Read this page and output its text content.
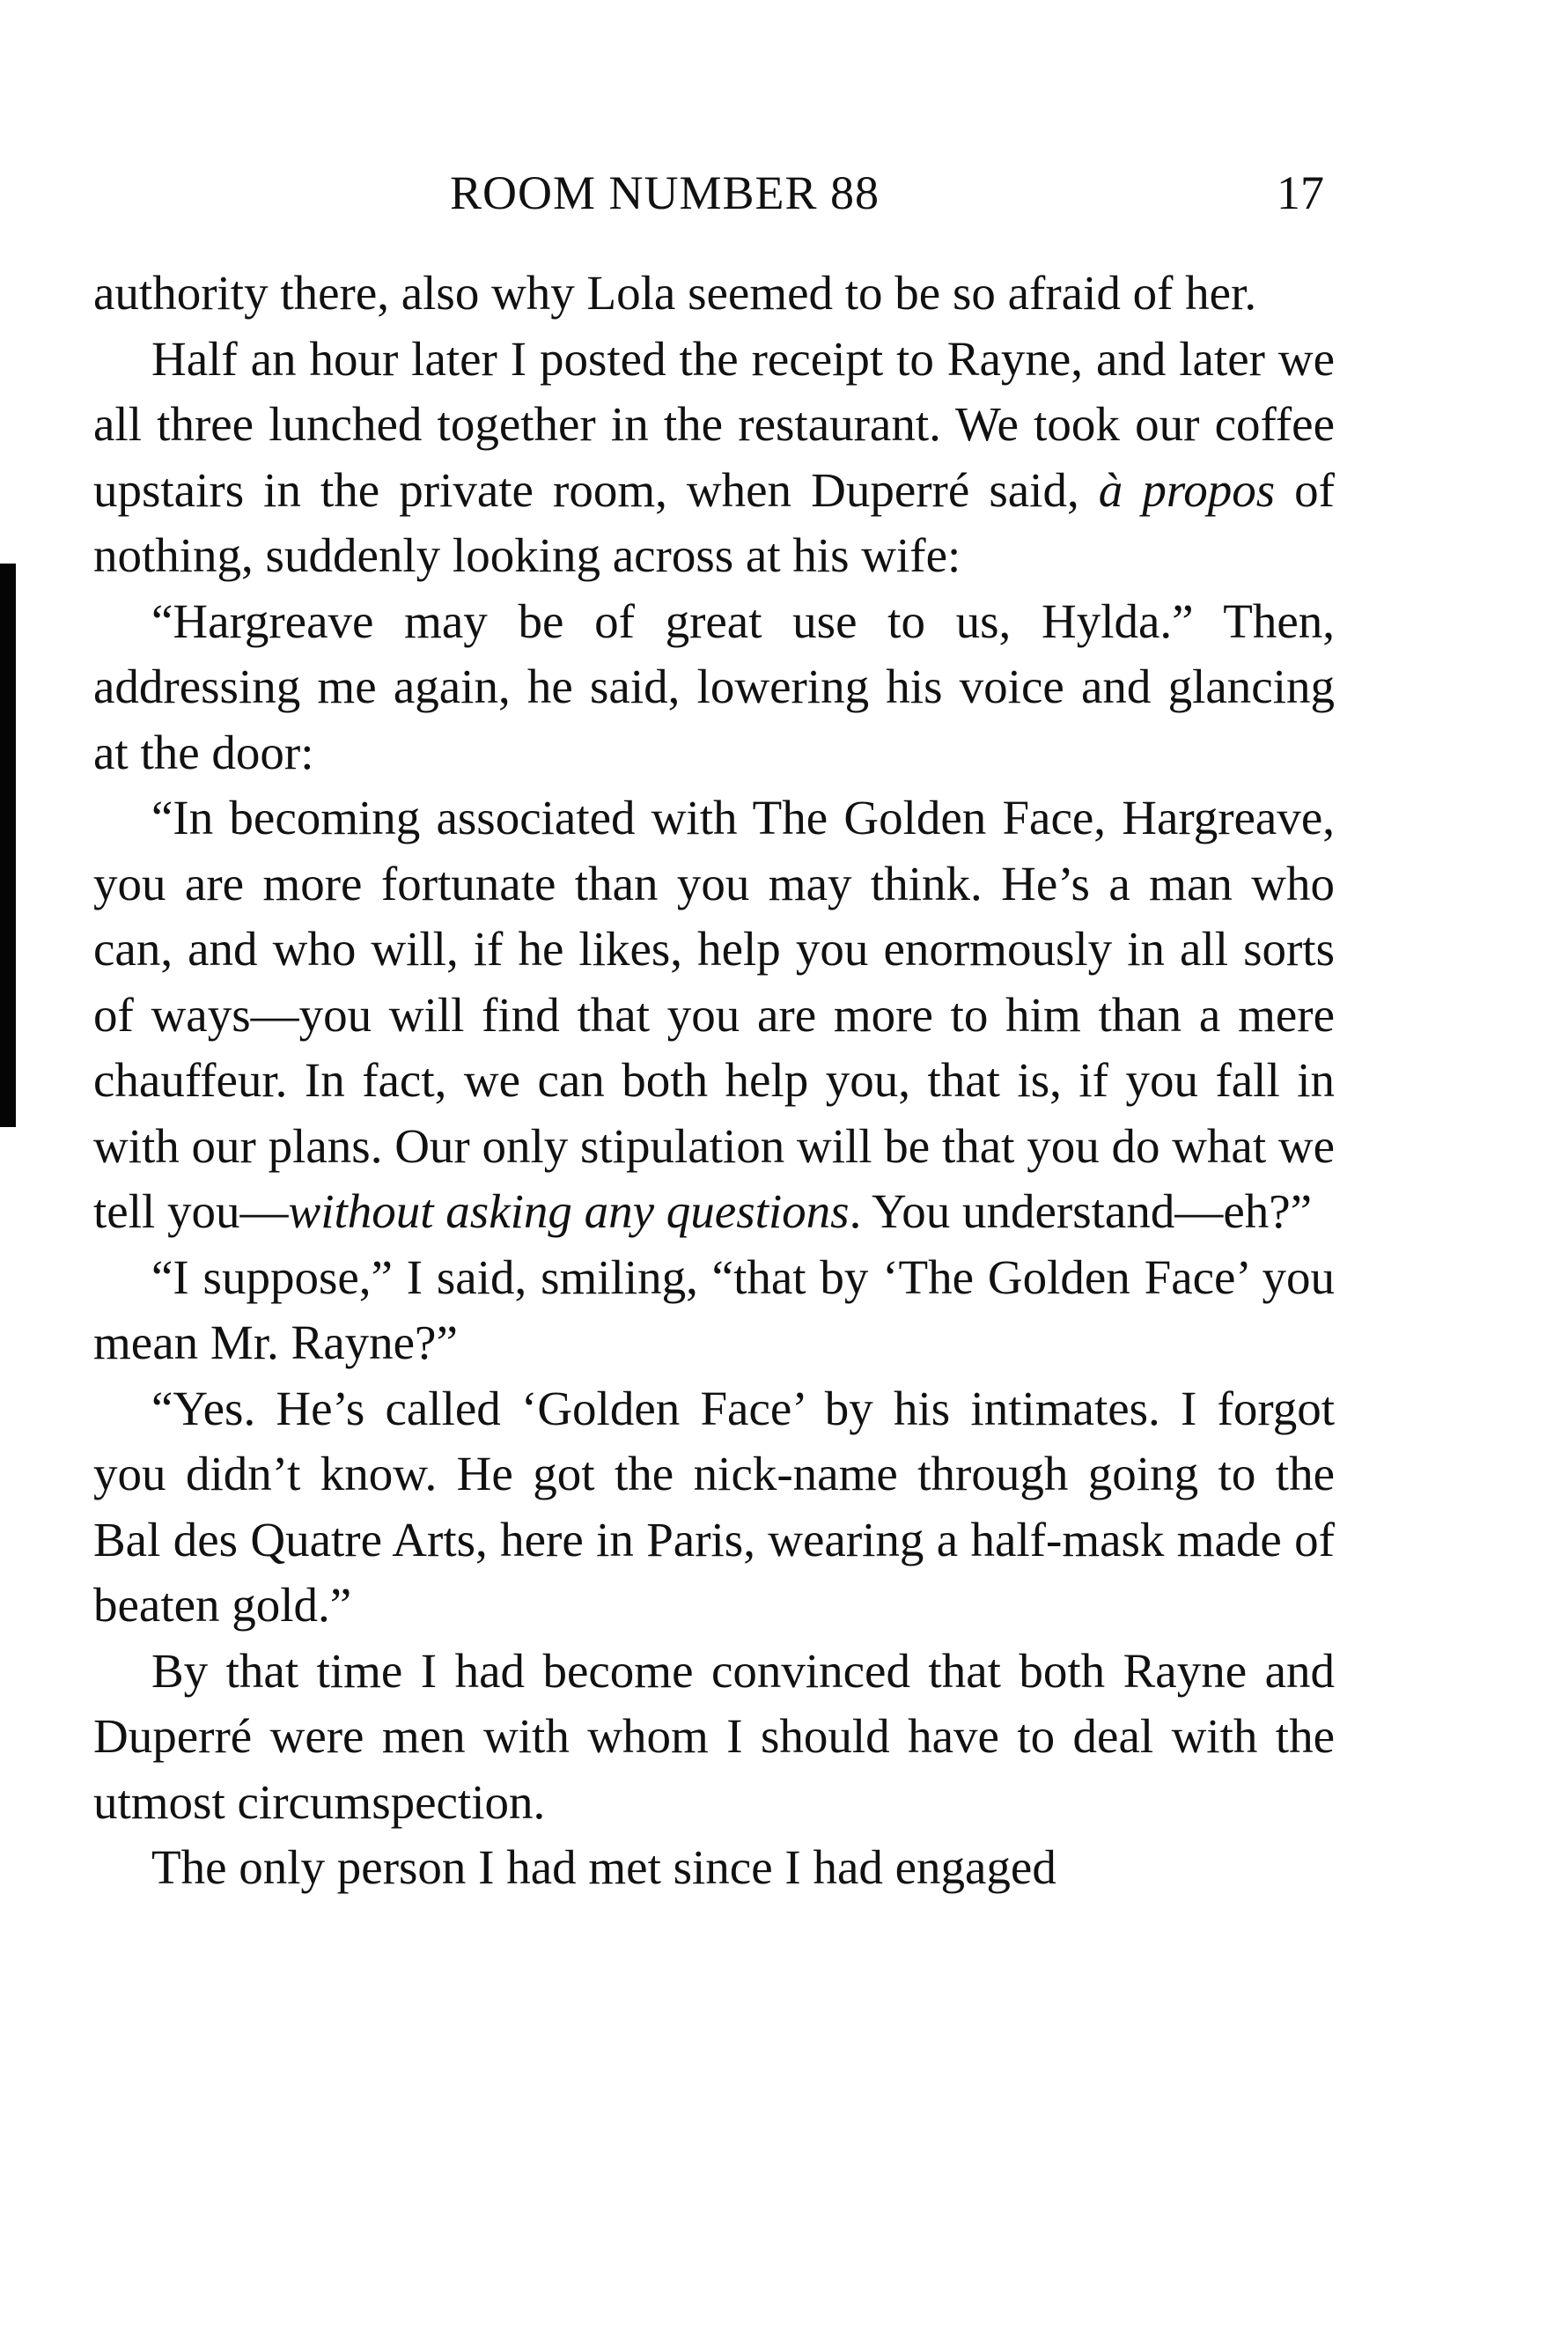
ROOM NUMBER 88	17

authority there, also why Lola seemed to be so afraid of her.

Half an hour later I posted the receipt to Rayne, and later we all three lunched together in the restaurant. We took our coffee upstairs in the private room, when Duperré said, à propos of nothing, suddenly looking across at his wife:

“Hargreave may be of great use to us, Hylda.” Then, addressing me again, he said, lowering his voice and glancing at the door:

“In becoming associated with The Golden Face, Hargreave, you are more fortunate than you may think. He’s a man who can, and who will, if he likes, help you enormously in all sorts of ways—you will find that you are more to him than a mere chauffeur. In fact, we can both help you, that is, if you fall in with our plans. Our only stipulation will be that you do what we tell you—without asking any questions. You understand—eh?”

“I suppose,” I said, smiling, “that by ‘The Golden Face’ you mean Mr. Rayne?”

“Yes. He’s called ‘Golden Face’ by his intimates. I forgot you didn’t know. He got the nick-name through going to the Bal des Quatre Arts, here in Paris, wearing a half-mask made of beaten gold.”

By that time I had become convinced that both Rayne and Duperré were men with whom I should have to deal with the utmost circumspection.

The only person I had met since I had engaged
